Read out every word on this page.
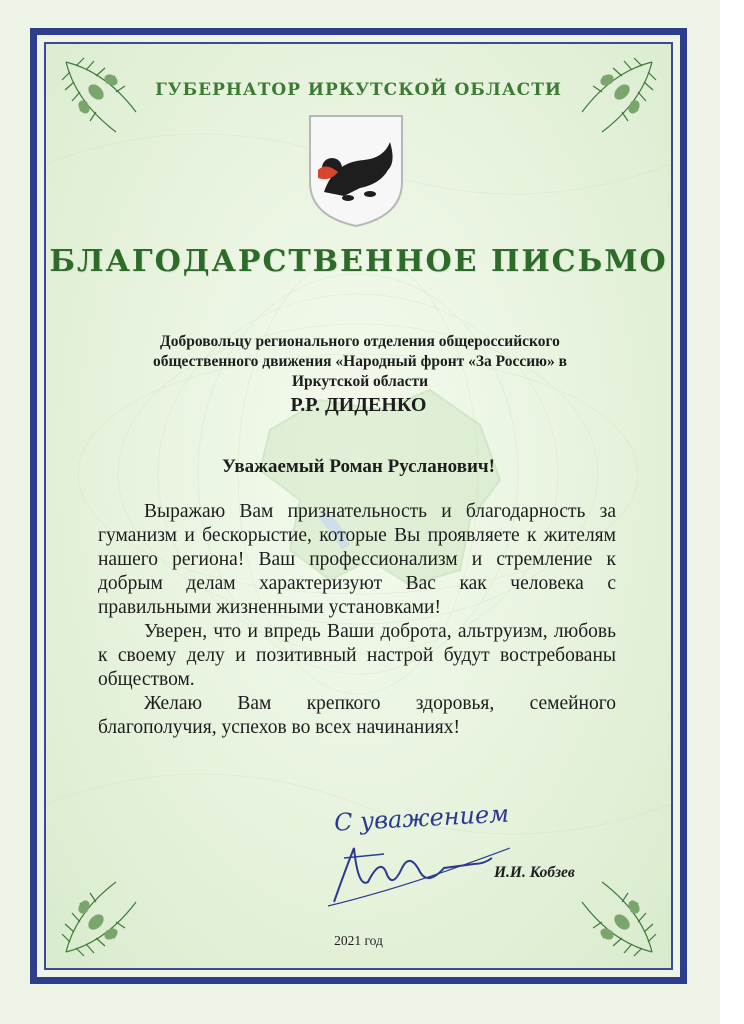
ГУБЕРНАТОР ИРКУТСКОЙ ОБЛАСТИ
БЛАГОДАРСТВЕННОЕ ПИСЬМО
Добровольцу регионального отделения общероссийского
общественного движения «Народный фронт «За Россию» в
Иркутской области
Р.Р. ДИДЕНКО
Уважаемый Роман Русланович!

Выражаю Вам признательность и благодарность за гуманизм и бескорыстие, которые Вы проявляете к жителям нашего региона! Ваш профессионализм и стремление к добрым делам характеризуют Вас как человека с правильными жизненными установками!

Уверен, что и впредь Ваши доброта, альтруизм, любовь к своему делу и позитивный настрой будут востребованы обществом.

Желаю Вам крепкого здоровья, семейного благополучия, успехов во всех начинаниях!

С уважением
И.И. Кобзев
2021 год
